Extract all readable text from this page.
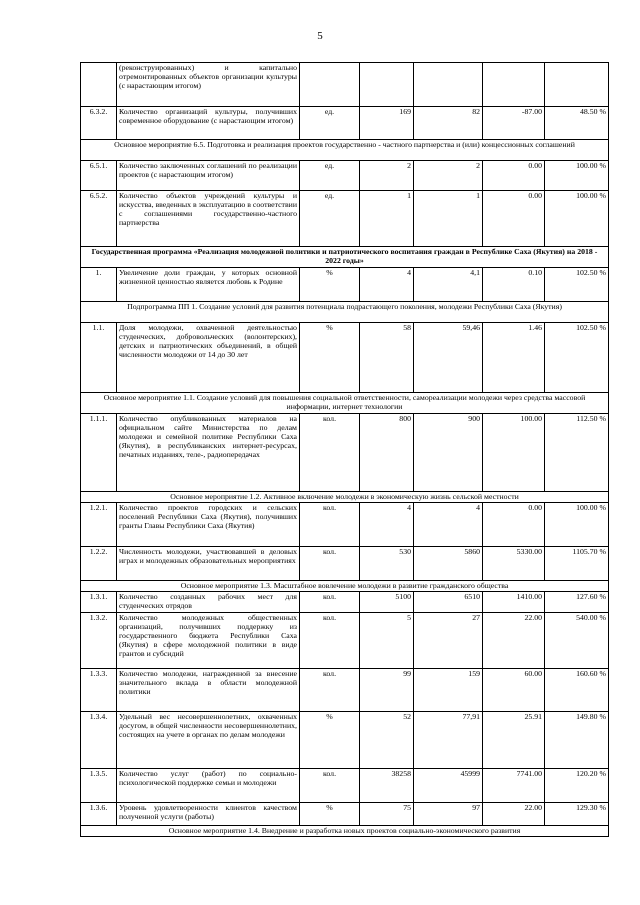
5
	(реконструированных) и капитально отремонтированных объектов организации культуры (с нарастающим итогом)					
6.3.2.	Количество организаций культуры, получивших современное оборудование (с нарастающим итогом)	ед.	169	82	-87.00	48.50 %
Основное мероприятие 6.5. Подготовка и реализация проектов государственно - частного партнерства и (или) концессионных соглашений						
6.5.1.	Количество заключенных соглашений по реализации проектов (с нарастающим итогом)	ед.	2	2	0.00	100.00 %
6.5.2.	Количество объектов учреждений культуры и искусства, введенных в эксплуатацию в соответствии с соглашениями государственно-частного партнерства	ед.	1	1	0.00	100.00 %
Государственная программа «Реализация молодежной политики и патриотического воспитания граждан в Республике Саха (Якутия) на 2018 - 2022 годы»						
1.	Увеличение доли граждан, у которых основной жизненной ценностью является любовь к Родине	%	4	4,1	0.10	102.50 %
Подпрограмма ПП 1. Создание условий для развития потенциала подрастающего поколения, молодежи Республики Саха (Якутия)						
1.1.	Доля молодежи, охваченной деятельностью студенческих, добровольческих (волонтерских), детских и патриотических объединений, в общей численности молодежи от 14 до 30 лет	%	58	59,46	1.46	102.50 %
Основное мероприятие 1.1. Создание условий для повышения социальной ответственности, самореализации молодежи через средства массовой информации, интернет технологии						
1.1.1.	Количество опубликованных материалов на официальном сайте Министерства по делам молодежи и семейной политике Республики Саха (Якутия), в республиканских интернет-ресурсах, печатных изданиях, теле-, радиопередачах	кол.	800	900	100.00	112.50 %
Основное мероприятие 1.2. Активное включение молодежи в экономическую жизнь сельской местности						
1.2.1.	Количество проектов городских и сельских поселений Республики Саха (Якутия), получивших гранты Главы Республики Саха (Якутия)	кол.	4	4	0.00	100.00 %
1.2.2.	Численность молодежи, участвовавшей в деловых играх и молодежных образовательных мероприятиях	кол.	530	5860	5330.00	1105.70 %
Основное мероприятие 1.3. Масштабное вовлечение молодежи в развитие гражданского общества						
1.3.1.	Количество созданных рабочих мест для студенческих отрядов	кол.	5100	6510	1410.00	127.60 %
1.3.2.	Количество молодежных общественных организаций, получивших поддержку из государственного бюджета Республики Саха (Якутия) в сфере молодежной политики в виде грантов и субсидий	кол.	5	27	22.00	540.00 %
1.3.3.	Количество молодежи, награжденной за внесение значительного вклада в области молодежной политики	кол.	99	159	60.00	160.60 %
1.3.4.	Удельный вес несовершеннолетних, охваченных досугом, в общей численности несовершеннолетних, состоящих на учете в органах по делам молодежи	%	52	77,91	25.91	149.80 %
1.3.5.	Количество услуг (работ) по социально-психологической поддержке семьи и молодежи	кол.	38258	45999	7741.00	120.20 %
1.3.6.	Уровень удовлетворенности клиентов качеством полученной услуги (работы)	%	75	97	22.00	129.30 %
Основное мероприятие 1.4. Внедрение и разработка новых проектов социально-экономического развития						
